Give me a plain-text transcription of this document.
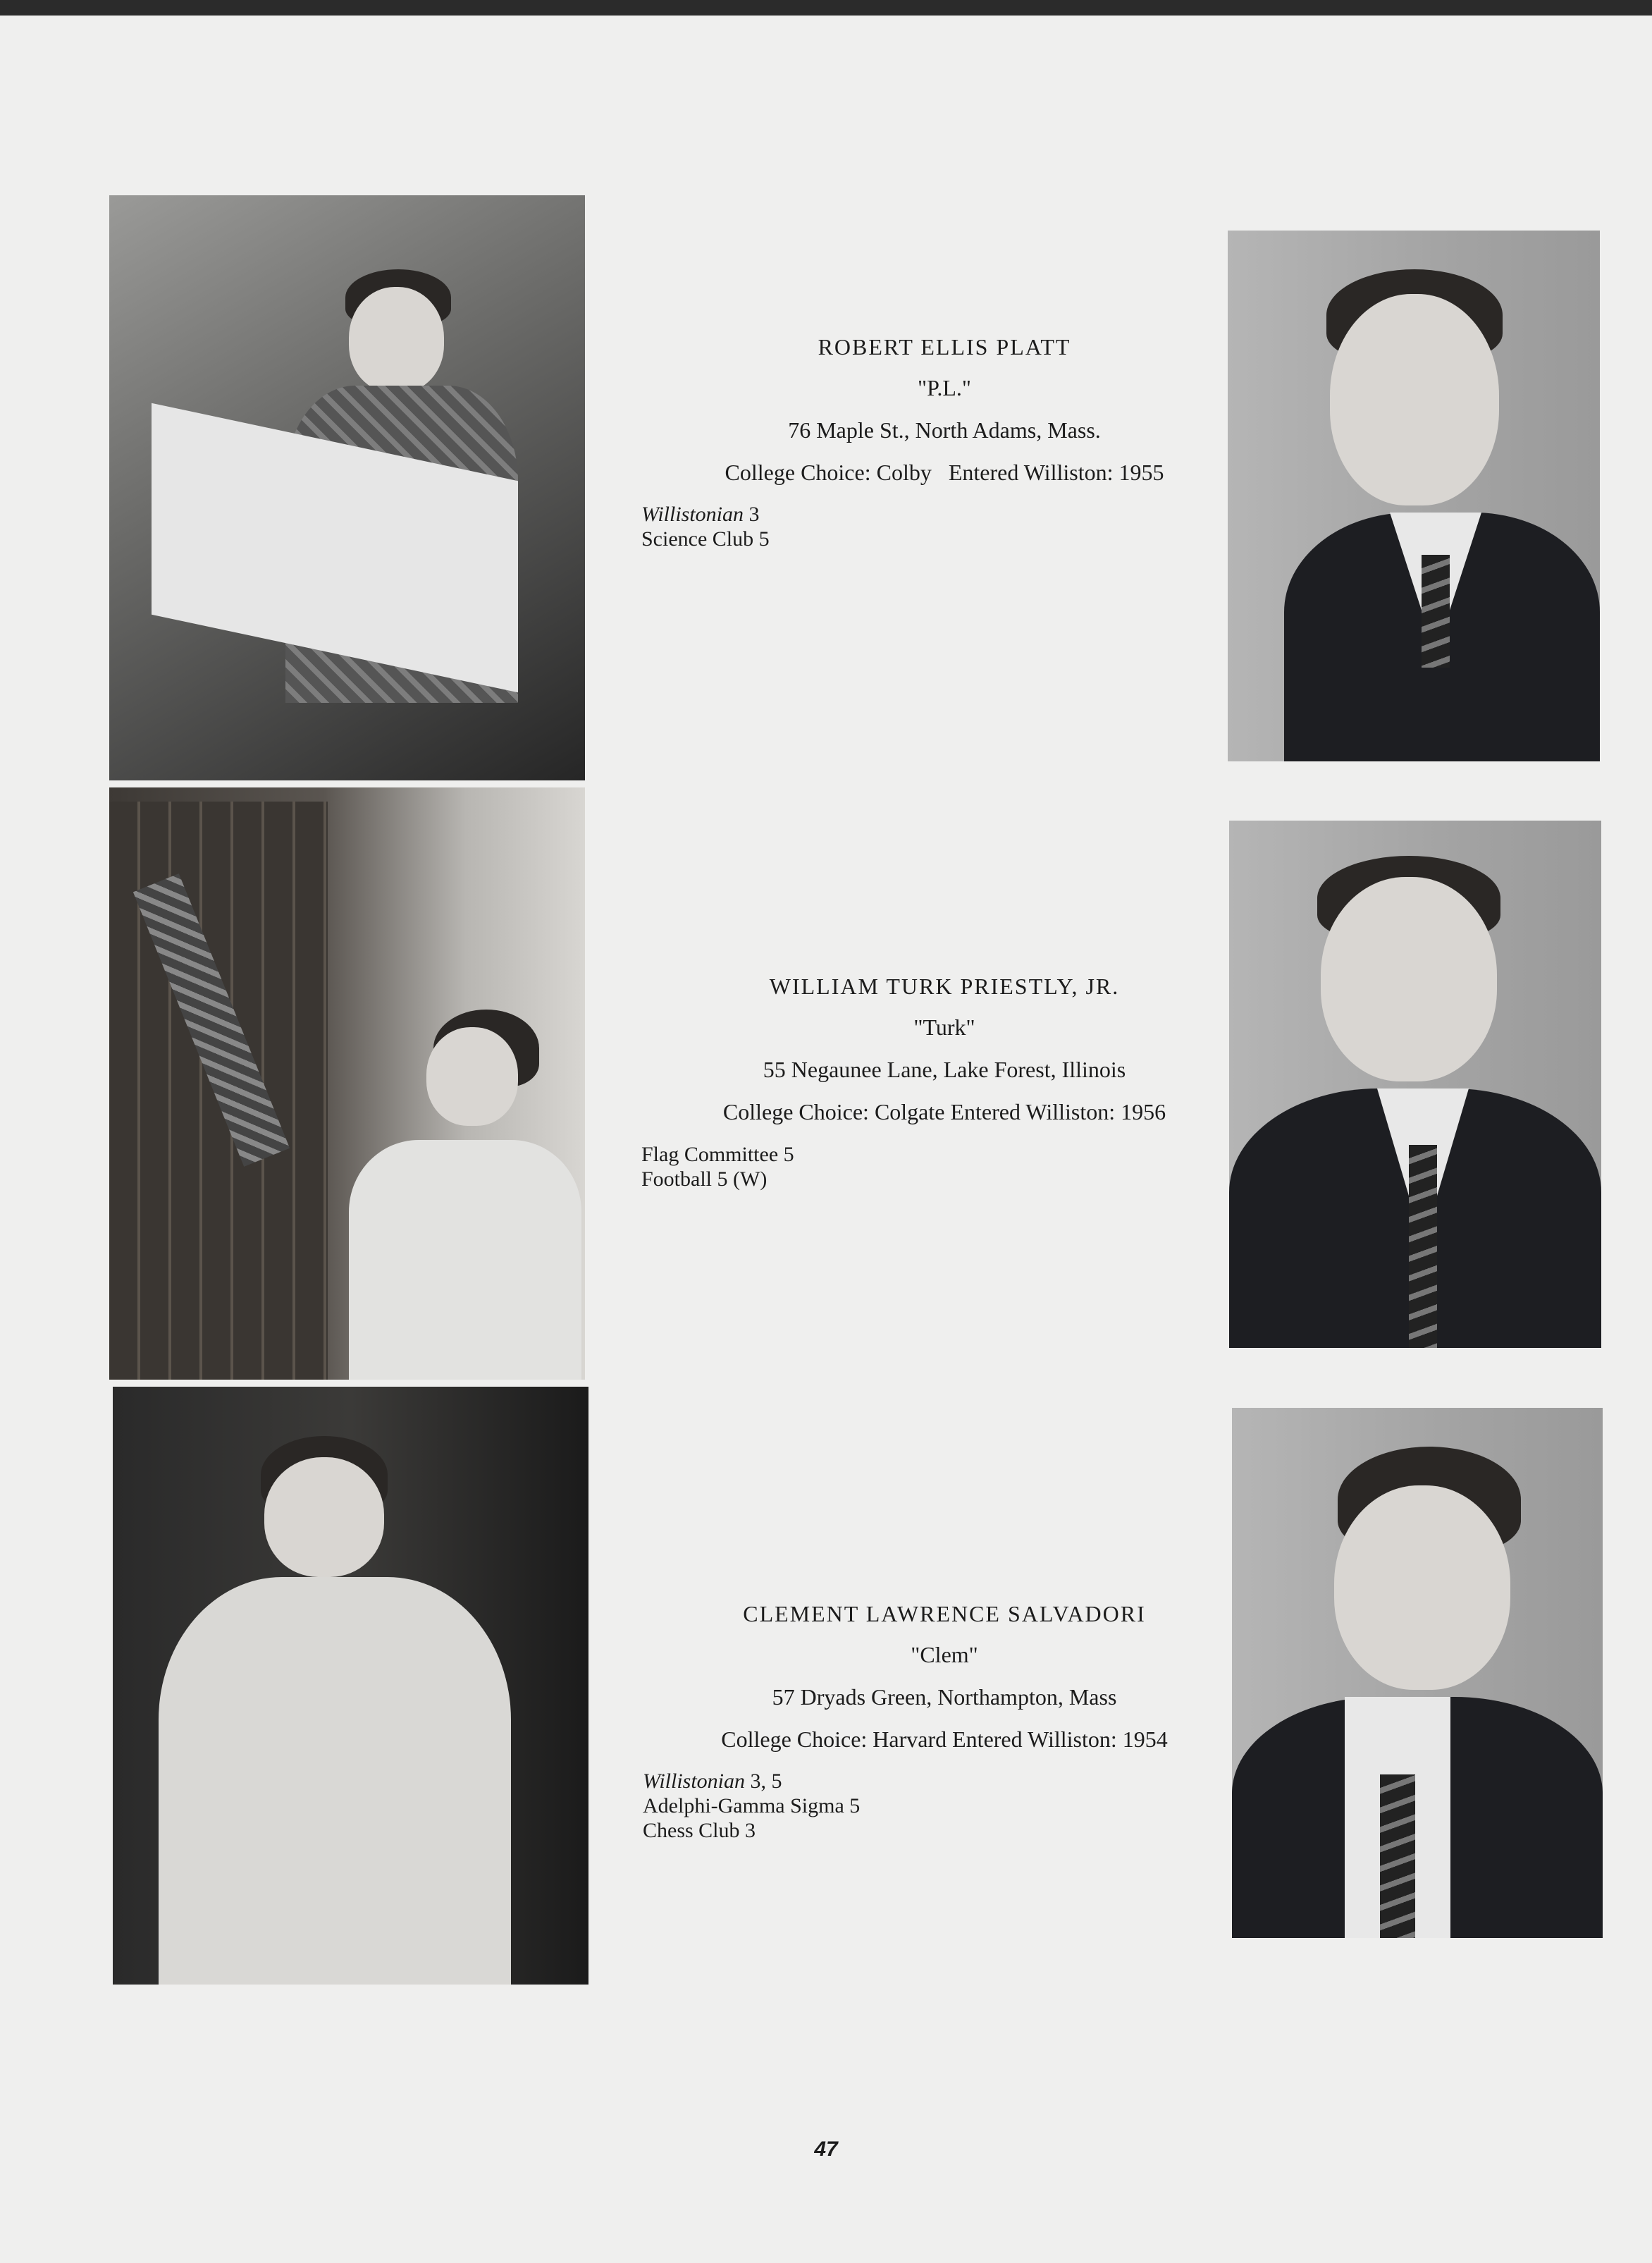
ROBERT ELLIS PLATT
"P.L."
76 Maple St., North Adams, Mass.
College Choice: Colby   Entered Williston: 1955
Willistonian 3
Science Club 5
WILLIAM TURK PRIESTLY, JR.
"Turk"
55 Negaunee Lane, Lake Forest, Illinois
College Choice: Colgate Entered Williston: 1956
Flag Committee 5
Football 5 (W)
CLEMENT LAWRENCE SALVADORI
"Clem"
57 Dryads Green, Northampton, Mass
College Choice: Harvard Entered Williston: 1954
Willistonian 3, 5
Adelphi-Gamma Sigma 5
Chess Club 3
47
